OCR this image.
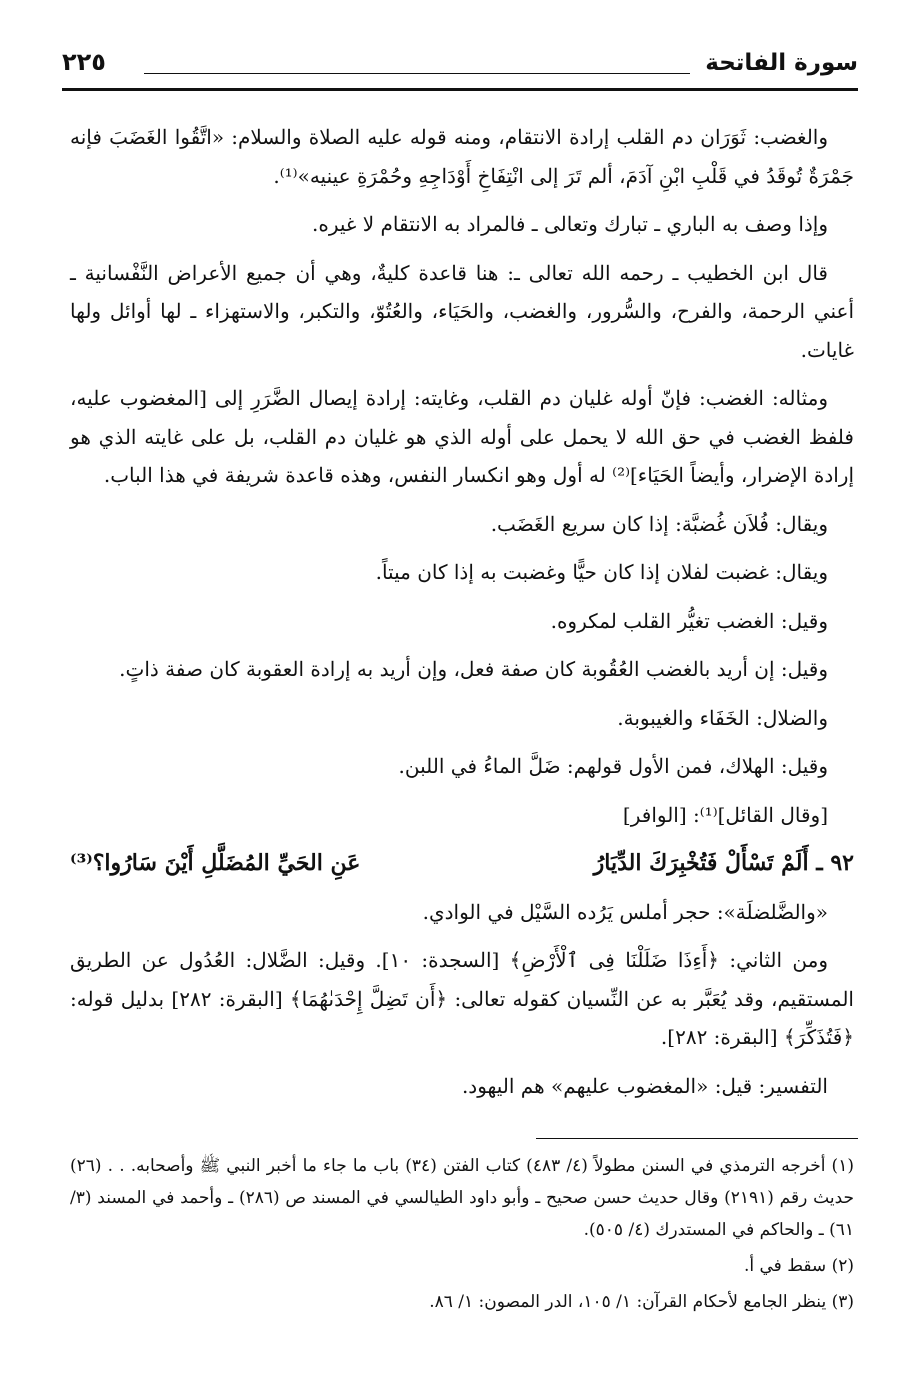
سورة الفاتحة
٢٢٥

والغضب: ثَوَرَان دم القلب إرادة الانتقام، ومنه قوله عليه الصلاة والسلام: «اتَّقُوا الغَضَبَ فإنه جَمْرَةٌ تُوقَدُ في قَلْبِ ابْنِ آدَمَ، ألم تَرَ إلى انْتِفَاخِ أَوْدَاجِهِ وحُمْرَةِ عينيه»⁽¹⁾.

وإذا وصف به الباري ـ تبارك وتعالى ـ فالمراد به الانتقام لا غيره.

قال ابن الخطيب ـ رحمه الله تعالى ـ: هنا قاعدة كليةٌ، وهي أن جميع الأعراض النَّفْسانية ـ أعني الرحمة، والفرح، والسُّرور، والغضب، والحَيَاء، والعُتُوّ، والتكبر، والاستهزاء ـ لها أوائل ولها غايات.

ومثاله: الغضب: فإنّ أوله غليان دم القلب، وغايته: إرادة إيصال الضَّرَرِ إلى [المغضوب عليه، فلفظ الغضب في حق الله لا يحمل على أوله الذي هو غليان دم القلب، بل على غايته الذي هو إرادة الإضرار، وأيضاً الحَيَاء]⁽²⁾ له أول وهو انكسار النفس، وهذه قاعدة شريفة في هذا الباب.

ويقال: فُلاَن غُضبَّة: إذا كان سريع الغَضَب.

ويقال: غضبت لفلان إذا كان حيًّا وغضبت به إذا كان ميتاً.

وقيل: الغضب تغيُّر القلب لمكروه.

وقيل: إن أريد بالغضب العُقُوبة كان صفة فعل، وإن أريد به إرادة العقوبة كان صفة ذاتٍ.

والضلال: الخَفَاء والغيبوبة.

وقيل: الهلاك، فمن الأول قولهم: ضَلَّ الماءُ في اللبن.

[وقال القائل]⁽¹⁾: [الوافر]

٩٢ ـ أَلَمْ تَسْأَلْ فَتُخْبِرَكَ الدِّيَارُ
عَنِ الحَيِّ المُضَلَّلِ أَيْنَ سَارُوا؟⁽³⁾

«والضَّلضلَة»: حجر أملس يَرُده السَّيْل في الوادي.

ومن الثاني: ﴿أَءِذَا ضَلَلْنَا فِى ٱلْأَرْضِ﴾ [السجدة: ١٠]. وقيل: الضَّلال: العُدُول عن الطريق المستقيم، وقد يُعَبَّر به عن النِّسيان كقوله تعالى: ﴿أَن تَضِلَّ إِحْدَىٰهُمَا﴾ [البقرة: ٢٨٢] بدليل قوله: ﴿فَتُذَكِّرَ﴾ [البقرة: ٢٨٢].

التفسير: قيل: «المغضوب عليهم» هم اليهود.

(١) أخرجه الترمذي في السنن مطولاً (٤/ ٤٨٣) كتاب الفتن (٣٤) باب ما جاء ما أخبر النبي ﷺ وأصحابه. . . (٢٦) حديث رقم (٢١٩١) وقال حديث حسن صحيح ـ وأبو داود الطيالسي في المسند ص (٢٨٦) ـ وأحمد في المسند (٣/ ٦١) ـ والحاكم في المستدرك (٤/ ٥٠٥).

(٢) سقط في أ.

(٣) ينظر الجامع لأحكام القرآن: ١/ ١٠٥، الدر المصون: ١/ ٨٦.
